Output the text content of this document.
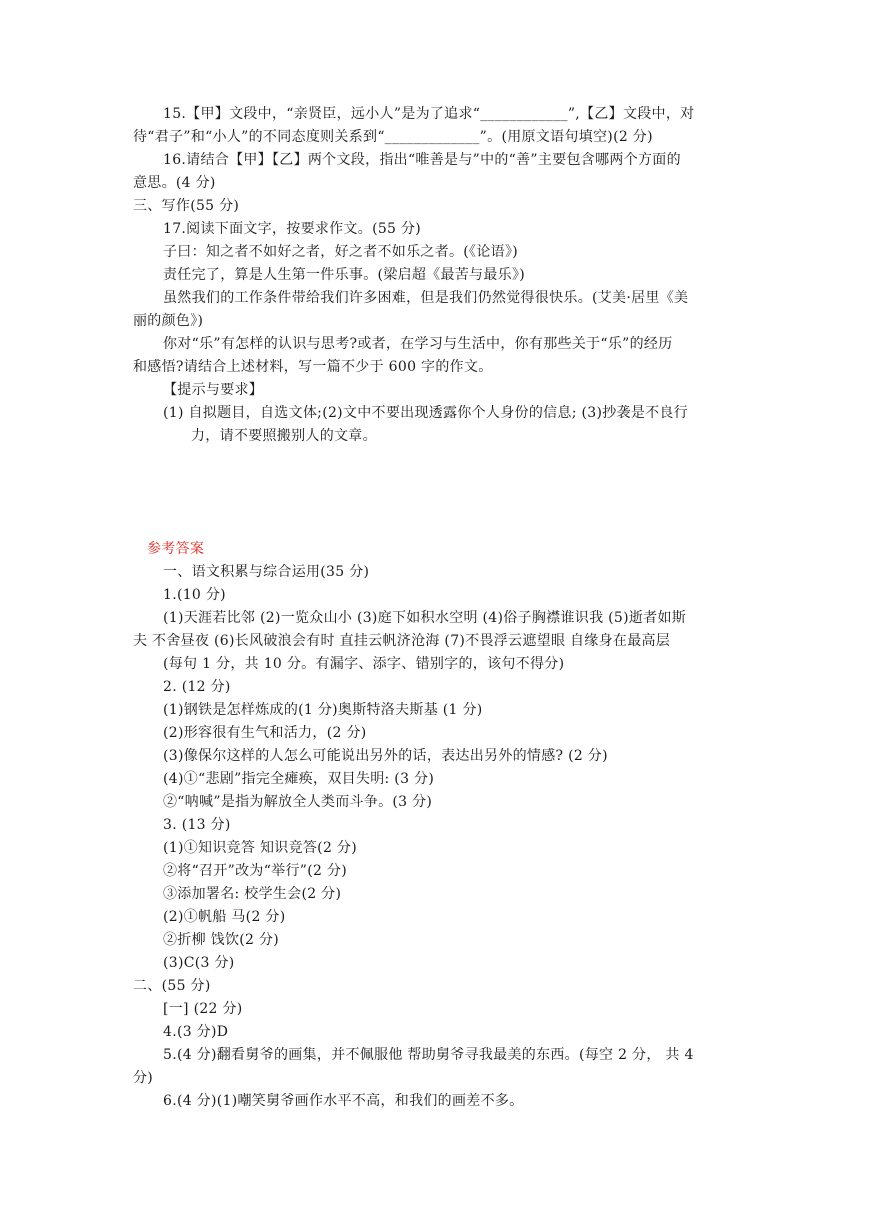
15.【甲】文段中，“亲贤臣，远小人”是为了追求“____________”,【乙】文段中，对
待“君子”和“小人”的不同态度则关系到“_____________”。(用原文语句填空)(2 分)
16.请结合【甲】【乙】两个文段，指出“唯善是与”中的“善”主要包含哪两个方面的
意思。(4 分)
三、写作(55 分)
17.阅读下面文字，按要求作文。(55 分)
子曰：知之者不如好之者，好之者不如乐之者。(《论语》)
责任完了，算是人生第一件乐事。(梁启超《最苦与最乐》)
虽然我们的工作条件带给我们许多困难，但是我们仍然觉得很快乐。(艾美·居里《美
丽的颜色》)
你对“乐”有怎样的认识与思考?或者，在学习与生活中，你有那些关于“乐”的经历
和感悟?请结合上述材料，写一篇不少于 600 字的作文。
【提示与要求】
(1) 自拟题目，自选文体;(2)文中不要出现透露你个人身份的信息; (3)抄袭是不良行
力，请不要照搬别人的文章。
参考答案
一、语文积累与综合运用(35 分)
1.(10 分)
(1)天涯若比邻 (2)一览众山小 (3)庭下如积水空明 (4)俗子胸襟谁识我 (5)逝者如斯
夫 不舍昼夜 (6)长风破浪会有时 直挂云帆济沧海 (7)不畏浮云遮望眼 自缘身在最高层
(每句 1 分，共 10 分。有漏字、添字、错别字的，该句不得分)
2. (12 分)
(1)钢铁是怎样炼成的(1 分)奥斯特洛夫斯基 (1 分)
(2)形容很有生气和活力，(2 分)
(3)像保尔这样的人怎么可能说出另外的话，表达出另外的情感? (2 分)
(4)①“悲剧”指完全瘫痪，双目失明: (3 分)
②“呐喊”是指为解放全人类而斗争。(3 分)
3. (13 分)
(1)①知识竞答 知识竞答(2 分)
②将“召开”改为“举行”(2 分)
③添加署名: 校学生会(2 分)
(2)①帆船 马(2 分)
②折柳 饯饮(2 分)
(3)C(3 分)
二、(55 分)
[一] (22 分)
4.(3 分)D
5.(4 分)翻看舅爷的画集，并不佩服他 帮助舅爷寻我最美的东西。(每空 2 分， 共 4
分)
6.(4 分)(1)嘲笑舅爷画作水平不高，和我们的画差不多。
